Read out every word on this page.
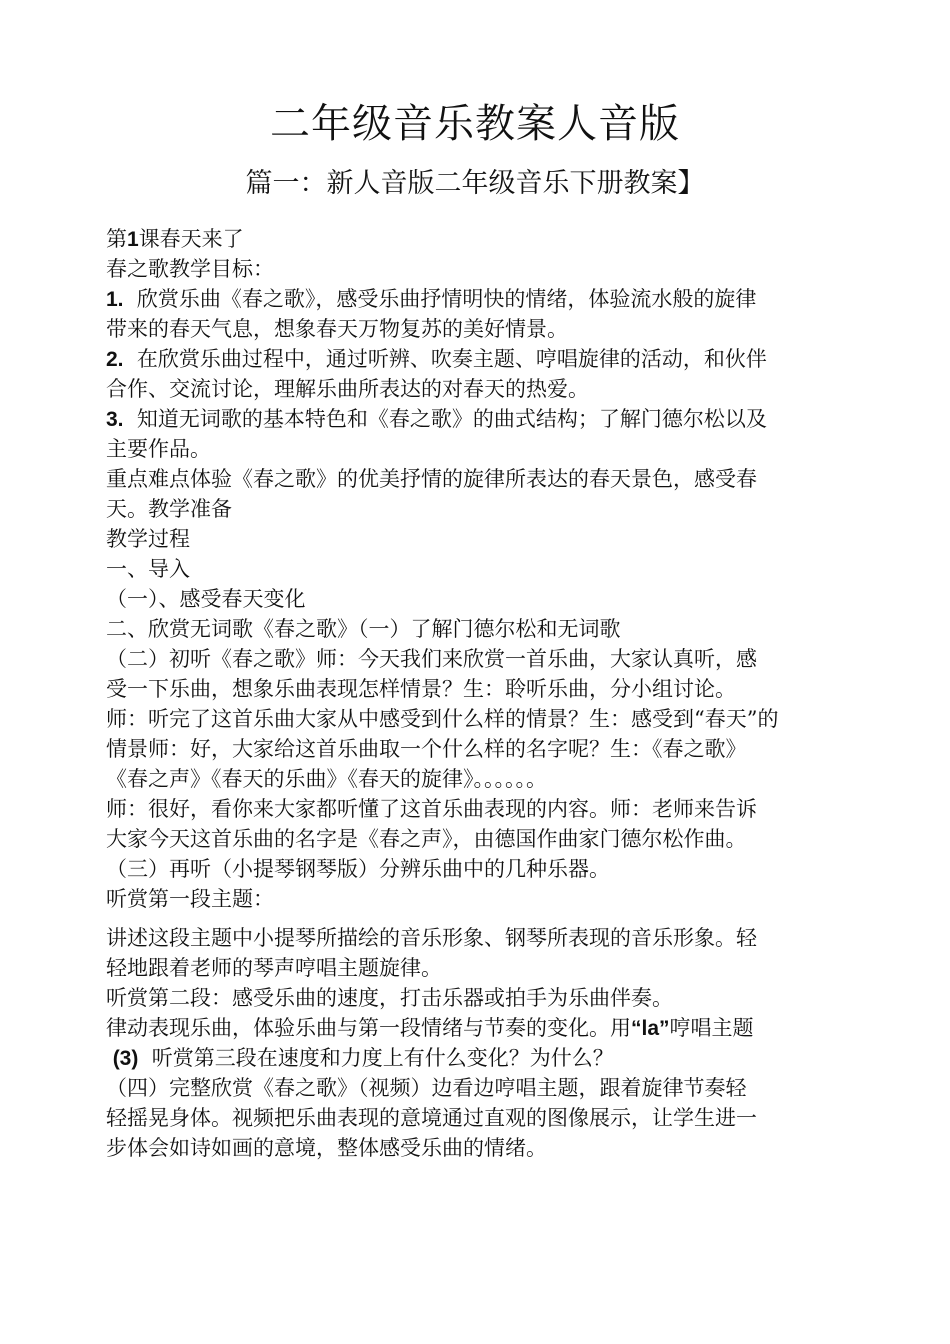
二年级音乐教案人音版
篇一：新人音版二年级音乐下册教案】

第1课春天来了

春之歌教学目标：

1. 欣赏乐曲《春之歌》，感受乐曲抒情明快的情绪，体验流水般的旋律

带来的春天气息，想象春天万物复苏的美好情景。

2. 在欣赏乐曲过程中，通过听辨、吹奏主题、哼唱旋律的活动，和伙伴

合作、交流讨论，理解乐曲所表达的对春天的热爱。

3. 知道无词歌的基本特色和《春之歌》的曲式结构；了解门德尔松以及

主要作品。

重点难点体验《春之歌》的优美抒情的旋律所表达的春天景色，感受春

天。教学准备

教学过程

一、导入

（一）、感受春天变化

二、欣赏无词歌《春之歌》（一）了解门德尔松和无词歌

（二）初听《春之歌》师：今天我们来欣赏一首乐曲，大家认真听，感

受一下乐曲，想象乐曲表现怎样情景？生：聆听乐曲，分小组讨论。

师：听完了这首乐曲大家从中感受到什么样的情景？生：感受到“春天”的

情景师：好，大家给这首乐曲取一个什么样的名字呢？生：《春之歌》

《春之声》《春天的乐曲》《春天的旋律》。。。。。。

师：很好，看你来大家都听懂了这首乐曲表现的内容。师：老师来告诉

大家今天这首乐曲的名字是《春之声》，由德国作曲家门德尔松作曲。

（三）再听（小提琴钢琴版）分辨乐曲中的几种乐器。

听赏第一段主题：

讲述这段主题中小提琴所描绘的音乐形象、钢琴所表现的音乐形象。轻

轻地跟着老师的琴声哼唱主题旋律。

听赏第二段：感受乐曲的速度，打击乐器或拍手为乐曲伴奏。

律动表现乐曲，体验乐曲与第一段情绪与节奏的变化。用“la”哼唱主题

(3) 听赏第三段在速度和力度上有什么变化？为什么？

（四）完整欣赏《春之歌》（视频）边看边哼唱主题，跟着旋律节奏轻

轻摇晃身体。视频把乐曲表现的意境通过直观的图像展示，让学生进一

步体会如诗如画的意境，整体感受乐曲的情绪。
